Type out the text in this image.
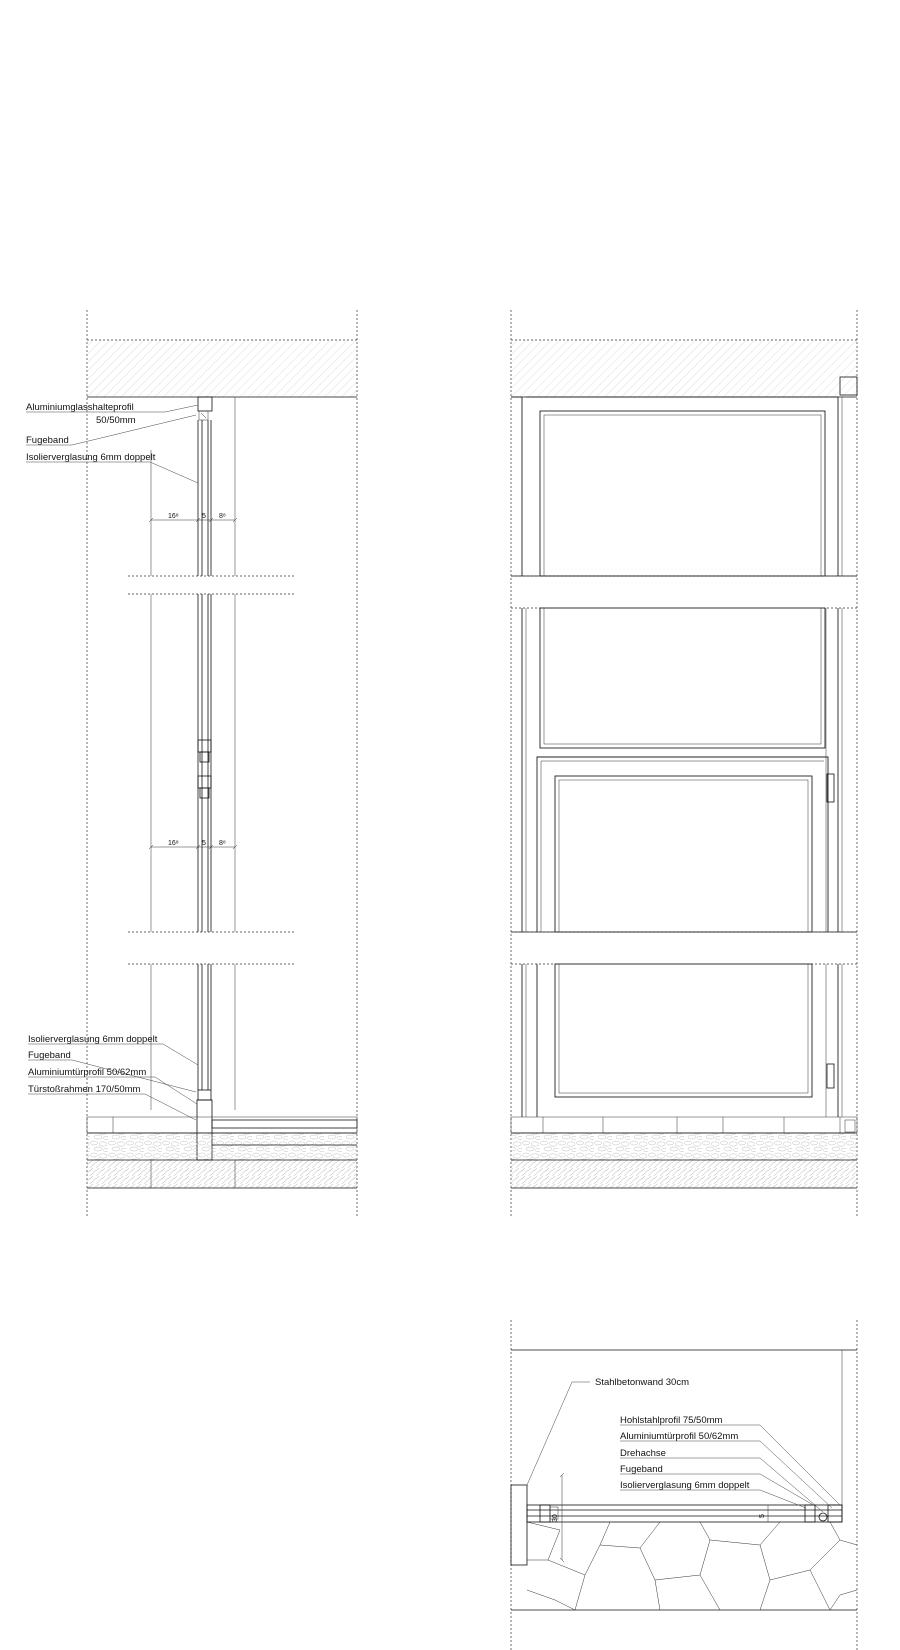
16⁸	5 8⁸
16⁸	5 8⁸
Aluminiumglasshalteprofil
50/50mm
Fugeband
Isolierverglasung 6mm doppelt
Isolierverglasung 6mm doppelt
Fugeband
Aluminiumtürprofil 50/62mm
Türstoßrahmen 170/50mm
30	5
Stahlbetonwand 30cm
Hohlstahlprofil 75/50mm
Aluminiumtürprofil 50/62mm
Drehachse
Fugeband
Isolierverglasung 6mm doppelt
